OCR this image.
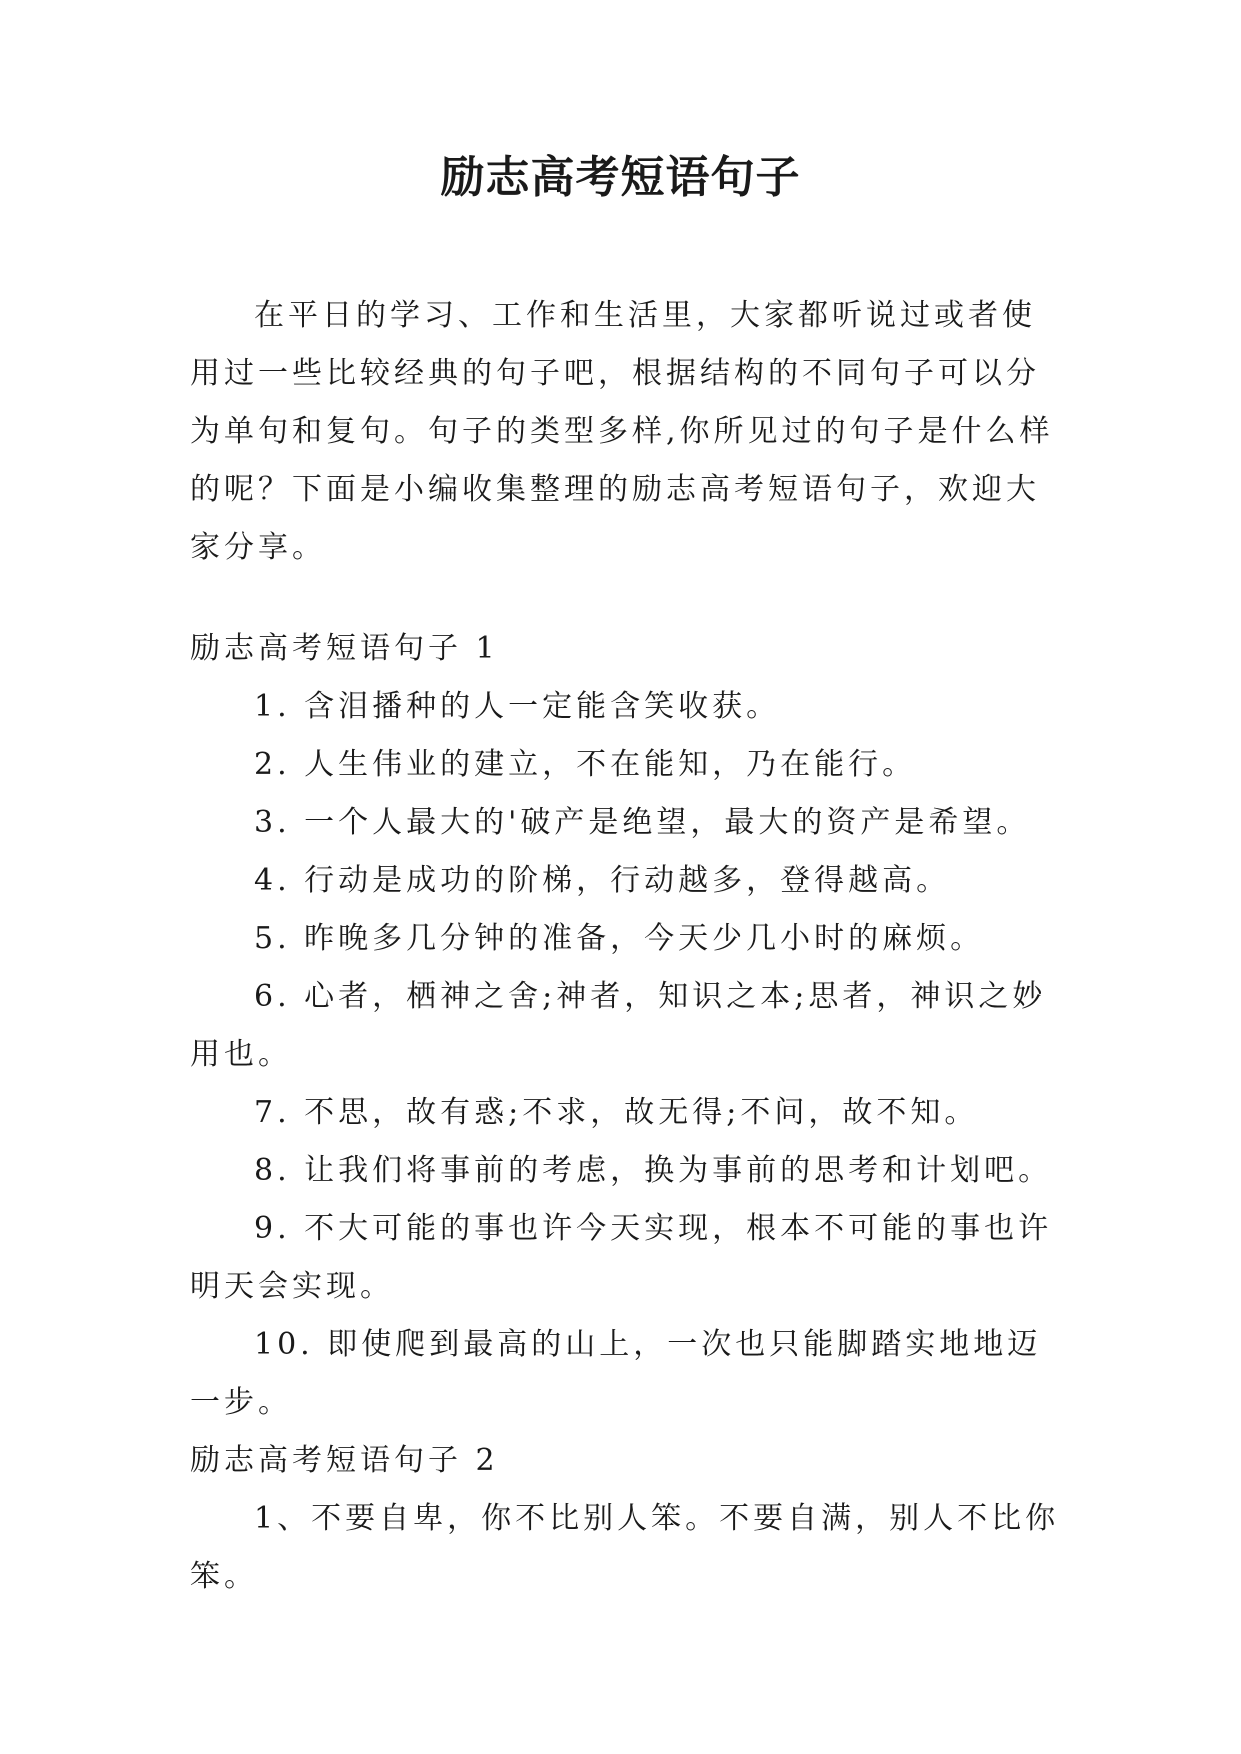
励志高考短语句子

在平日的学习、工作和生活里，大家都听说过或者使用过一些比较经典的句子吧，根据结构的不同句子可以分为单句和复句。句子的类型多样,你所见过的句子是什么样的呢？下面是小编收集整理的励志高考短语句子，欢迎大家分享。

励志高考短语句子 1

1. 含泪播种的人一定能含笑收获。

2. 人生伟业的建立，不在能知，乃在能行。

3. 一个人最大的'破产是绝望，最大的资产是希望。

4. 行动是成功的阶梯，行动越多，登得越高。

5. 昨晚多几分钟的准备，今天少几小时的麻烦。

6. 心者，栖神之舍;神者，知识之本;思者，神识之妙用也。

7. 不思，故有惑;不求，故无得;不问，故不知。

8. 让我们将事前的考虑，换为事前的思考和计划吧。

9. 不大可能的事也许今天实现，根本不可能的事也许明天会实现。

10. 即使爬到最高的山上，一次也只能脚踏实地地迈一步。

励志高考短语句子 2

1、不要自卑，你不比别人笨。不要自满，别人不比你笨。
